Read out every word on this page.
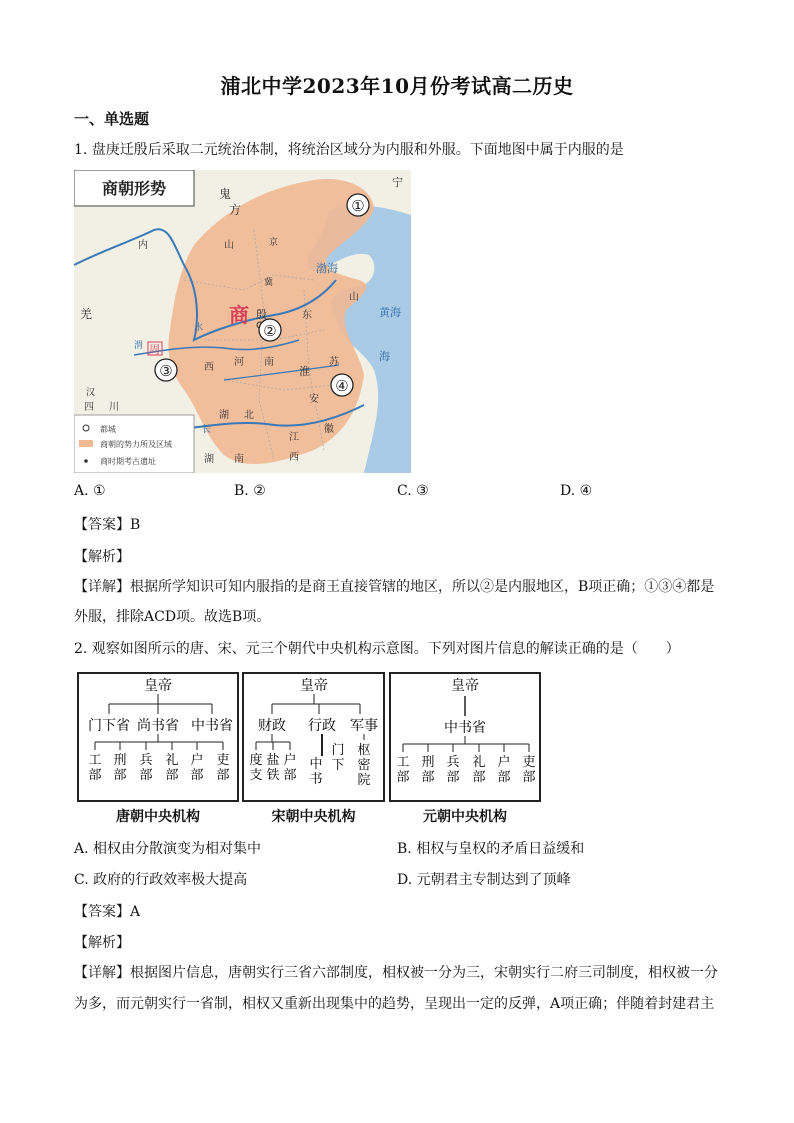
浦北中学2023年10月份考试高二历史
一、单选题
1. 盘庚迁殷后采取二元统治体制，将统治区域分为内服和外服。下面地图中属于内服的是
商朝形势	鬼
方
宁
渤海
黄海
海
内
羌	商 殷
周
山
山
东
河 南
西	淮
苏
安
徽
湖 北
江
西
湖 南
四 川
汉
渭
水
长
京
冀
①
②
③
④
都城
商朝的势力所及区域
商时期考古遗址
A. ①	B. ②	C. ③	D. ④
【答案】B
【解析】
【详解】根据所学知识可知内服指的是商王直接管辖的地区，所以②是内服地区，B项正确；①③④都是
外服，排除ACD项。故选B项。
2. 观察如图所示的唐、宋、元三个朝代中央机构示意图。下列对图片信息的解读正确的是（　　）
皇帝
门下省 尚书省 中书省
工部
刑部
兵部
礼部
户部
吏部
唐朝中央机构
皇帝
财政 行政 军事
度支
盐铁
户部
中书
门下
枢密院
宋朝中央机构
皇帝
中书省
工部
刑部
兵部
礼部
户部
吏部
元朝中央机构
A. 相权由分散演变为相对集中	B. 相权与皇权的矛盾日益缓和
C. 政府的行政效率极大提高	D. 元朝君主专制达到了顶峰
【答案】A
【解析】
【详解】根据图片信息，唐朝实行三省六部制度，相权被一分为三，宋朝实行二府三司制度，相权被一分
为多，而元朝实行一省制，相权又重新出现集中的趋势，呈现出一定的反弹，A项正确；伴随着封建君主
